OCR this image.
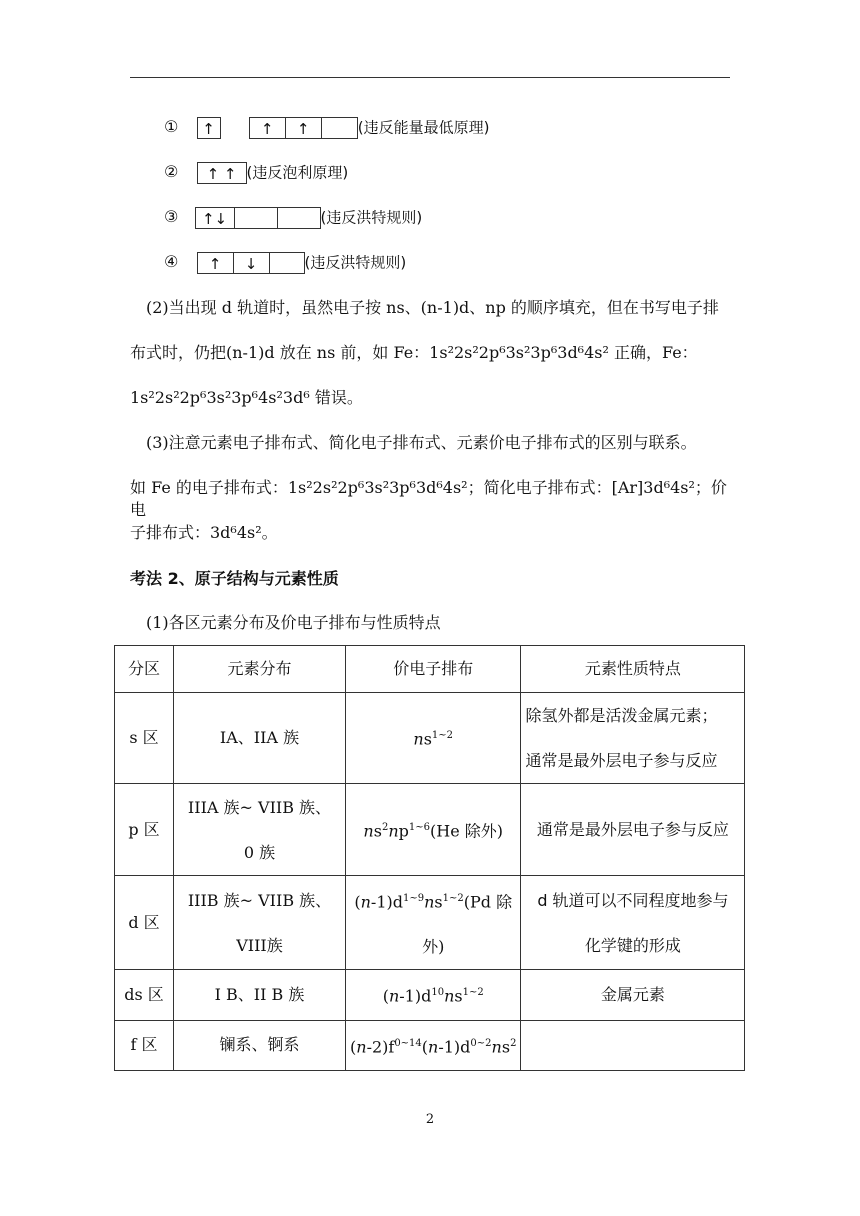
① ↑	↑ ↑	(违反能量最低原理)
② ↑ ↑ (违反泡利原理)
③ ↑↓	(违反洪特规则)
④ ↑ ↓	(违反洪特规则)
(2)当出现 d 轨道时，虽然电子按 ns、(n-1)d、np 的顺序填充，但在书写电子排
布式时，仍把(n-1)d 放在 ns 前，如 Fe：1s²2s²2p⁶3s²3p⁶3d⁶4s² 正确，Fe：
1s²2s²2p⁶3s²3p⁶4s²3d⁶ 错误。
(3)注意元素电子排布式、简化电子排布式、元素价电子排布式的区别与联系。
如 Fe 的电子排布式：1s²2s²2p⁶3s²3p⁶3d⁶4s²；简化电子排布式：[Ar]3d⁶4s²；价电
子排布式：3d⁶4s²。
考法 2、原子结构与元素性质
(1)各区元素分布及价电子排布与性质特点
分区	元素分布	价电子排布	元素性质特点
s 区	IA、IIA 族	$ns^{1\sim 2}$	除氢外都是活泼金属元素；
通常是最外层电子参与反应
p 区	IIIA 族~ VIIB 族、
0 族	$ns^2np^{1\sim 6}(He$ 除外)	通常是最外层电子参与反应
d 区	IIIB 族~ VIIB 族、
VIII族	$(n-1)d^{1\sim 9}ns^{1\sim 2}(Pd$ 除
外)	d 轨道可以不同程度地参与
化学键的形成
ds 区	I B、II B 族	$(n-1)d^{10}ns^{1\sim 2}$	金属元素
f 区	镧系、锕系	$(n-2)f^{0\sim 14}(n-1)d^{0\sim 2}ns^2$	
2
